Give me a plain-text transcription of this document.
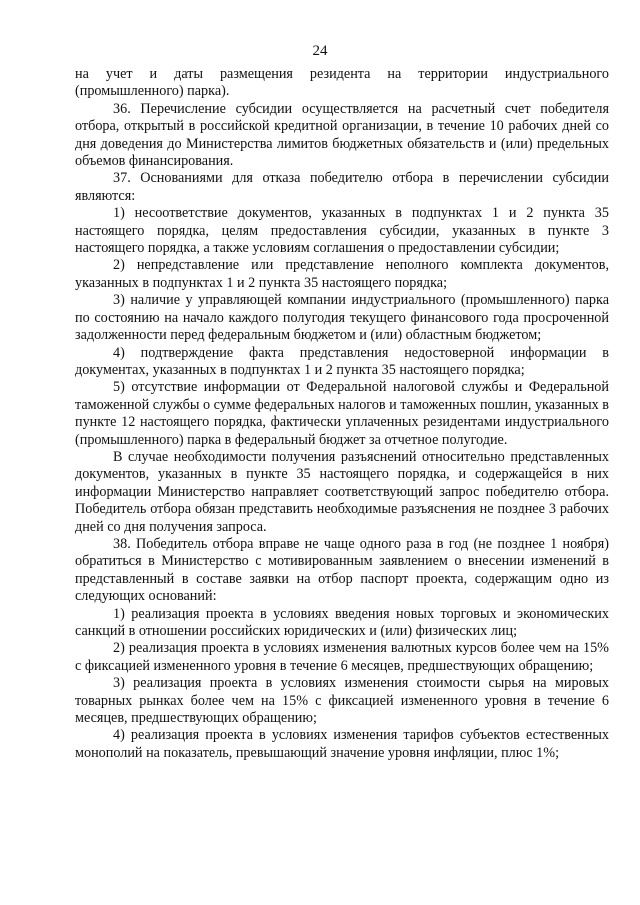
24

на учет и даты размещения резидента на территории индустриального (промышленного) парка).

36. Перечисление субсидии осуществляется на расчетный счет победителя отбора, открытый в российской кредитной организации, в течение 10 рабочих дней со дня доведения до Министерства лимитов бюджетных обязательств и (или) предельных объемов финансирования.

37. Основаниями для отказа победителю отбора в перечислении субсидии являются:

1) несоответствие документов, указанных в подпунктах 1 и 2 пункта 35 настоящего порядка, целям предоставления субсидии, указанных в пункте 3 настоящего порядка, а также условиям соглашения о предоставлении субсидии;

2) непредставление или представление неполного комплекта документов, указанных в подпунктах 1 и 2 пункта 35 настоящего порядка;

3) наличие у управляющей компании индустриального (промышленного) парка по состоянию на начало каждого полугодия текущего финансового года просроченной задолженности перед федеральным бюджетом и (или) областным бюджетом;

4) подтверждение факта представления недостоверной информации в документах, указанных в подпунктах 1 и 2 пункта 35 настоящего порядка;

5) отсутствие информации от Федеральной налоговой службы и Федеральной таможенной службы о сумме федеральных налогов и таможенных пошлин, указанных в пункте 12 настоящего порядка, фактически уплаченных резидентами индустриального (промышленного) парка в федеральный бюджет за отчетное полугодие.

В случае необходимости получения разъяснений относительно представленных документов, указанных в пункте 35 настоящего порядка, и содержащейся в них информации Министерство направляет соответствующий запрос победителю отбора. Победитель отбора обязан представить необходимые разъяснения не позднее 3 рабочих дней со дня получения запроса.

38. Победитель отбора вправе не чаще одного раза в год (не позднее 1 ноября) обратиться в Министерство с мотивированным заявлением о внесении изменений в представленный в составе заявки на отбор паспорт проекта, содержащим одно из следующих оснований:

1) реализация проекта в условиях введения новых торговых и экономических санкций в отношении российских юридических и (или) физических лиц;

2) реализация проекта в условиях изменения валютных курсов более чем на 15% с фиксацией измененного уровня в течение 6 месяцев, предшествующих обращению;

3) реализация проекта в условиях изменения стоимости сырья на мировых товарных рынках более чем на 15% с фиксацией измененного уровня в течение 6 месяцев, предшествующих обращению;

4) реализация проекта в условиях изменения тарифов субъектов естественных монополий на показатель, превышающий значение уровня инфляции, плюс 1%;
